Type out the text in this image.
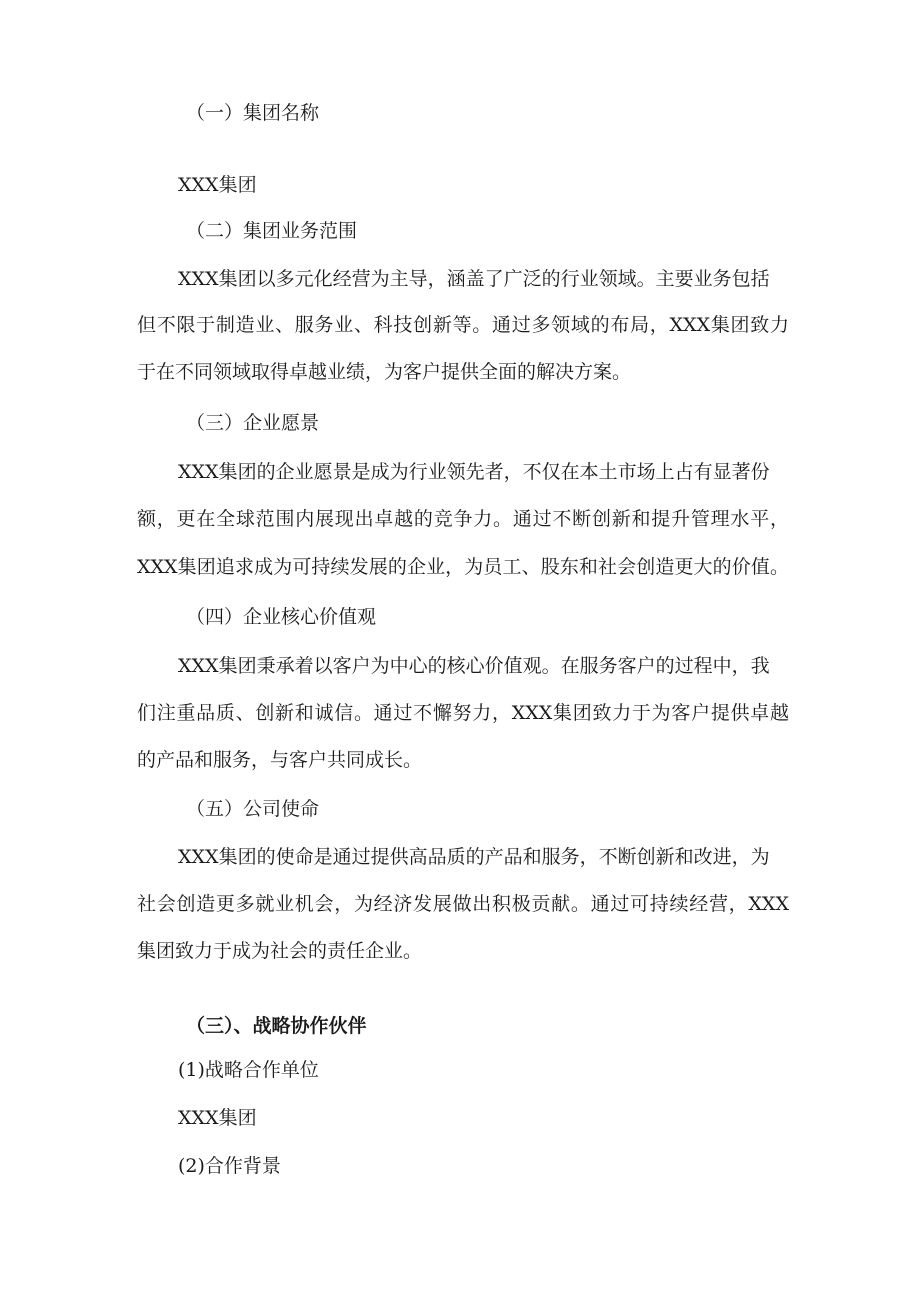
（一）集团名称
XXX集团
（二）集团业务范围
XXX集团以多元化经营为主导，涵盖了广泛的行业领域。主要业务包括
但不限于制造业、服务业、科技创新等。通过多领域的布局，XXX集团致力
于在不同领域取得卓越业绩，为客户提供全面的解决方案。
（三）企业愿景
XXX集团的企业愿景是成为行业领先者，不仅在本土市场上占有显著份
额，更在全球范围内展现出卓越的竞争力。通过不断创新和提升管理水平，
XXX集团追求成为可持续发展的企业，为员工、股东和社会创造更大的价值。
（四）企业核心价值观
XXX集团秉承着以客户为中心的核心价值观。在服务客户的过程中，我
们注重品质、创新和诚信。通过不懈努力，XXX集团致力于为客户提供卓越
的产品和服务，与客户共同成长。
（五）公司使命
XXX集团的使命是通过提供高品质的产品和服务，不断创新和改进，为
社会创造更多就业机会，为经济发展做出积极贡献。通过可持续经营，XXX
集团致力于成为社会的责任企业。
（三）、战略协作伙伴
(1)战略合作单位
XXX集团
(2)合作背景
